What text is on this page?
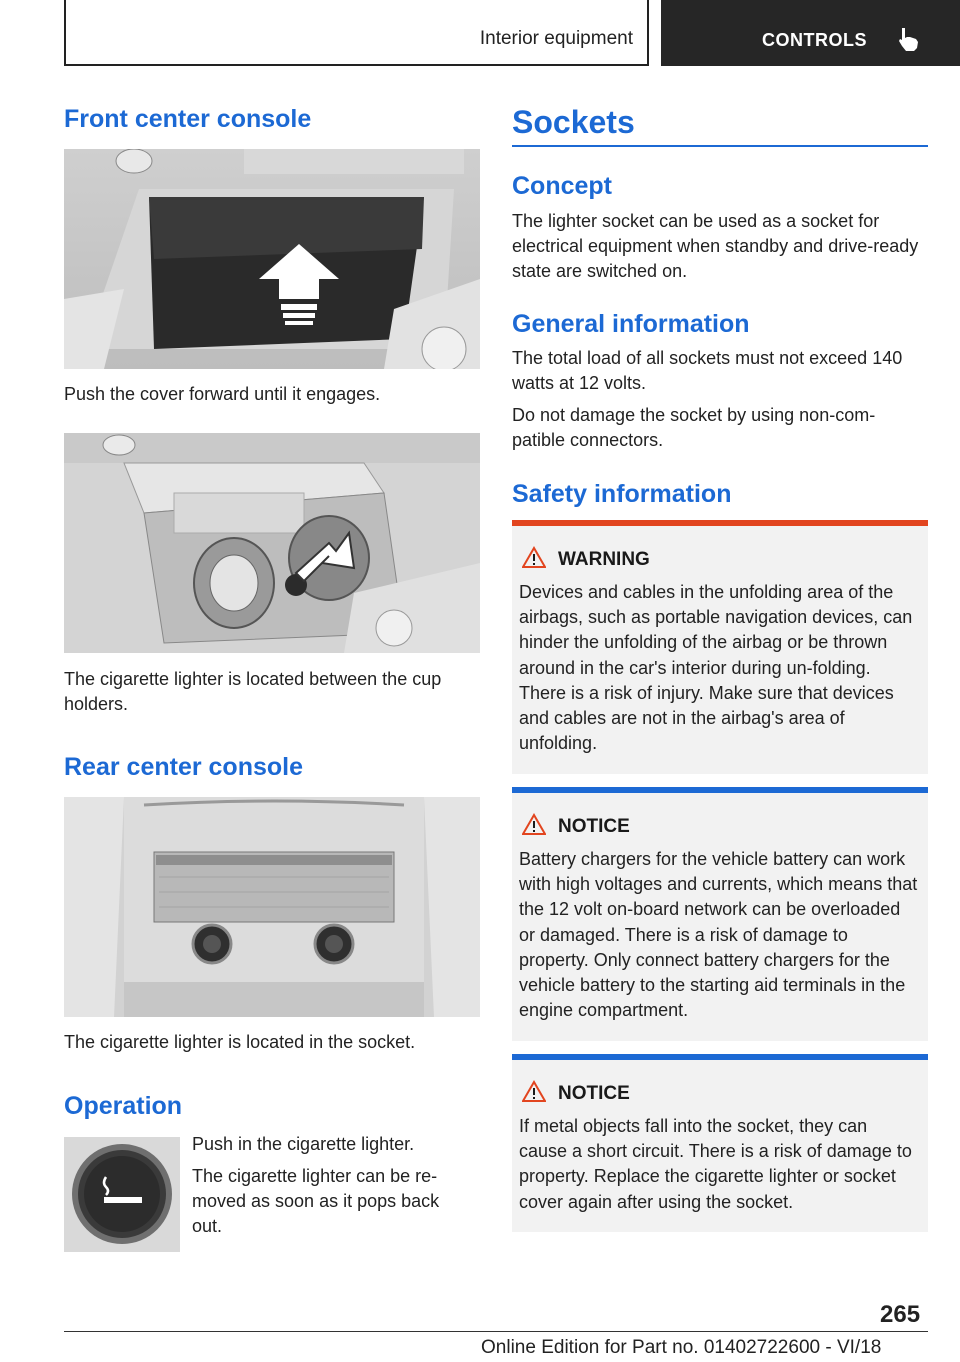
Interior equipment	CONTROLS
Front center console

Push the cover forward until it engages.

The cigarette lighter is located between the cup holders.

Rear center console

The cigarette lighter is located in the socket.

Operation

Push in the cigarette lighter.

The cigarette lighter can be re-moved as soon as it pops back out.

Sockets
Concept

The lighter socket can be used as a socket for electrical equipment when standby and drive-ready state are switched on.

General information

The total load of all sockets must not exceed 140 watts at 12 volts.

Do not damage the socket by using non-com-patible connectors.

Safety information
WARNING

Devices and cables in the unfolding area of the airbags, such as portable navigation devices, can hinder the unfolding of the airbag or be thrown around in the car's interior during un-folding. There is a risk of injury. Make sure that devices and cables are not in the airbag's area of unfolding.

NOTICE

Battery chargers for the vehicle battery can work with high voltages and currents, which means that the 12 volt on-board network can be overloaded or damaged. There is a risk of damage to property. Only connect battery chargers for the vehicle battery to the starting aid terminals in the engine compartment.

NOTICE

If metal objects fall into the socket, they can cause a short circuit. There is a risk of damage to property. Replace the cigarette lighter or socket cover again after using the socket.

265
Online Edition for Part no. 01402722600 - VI/18
